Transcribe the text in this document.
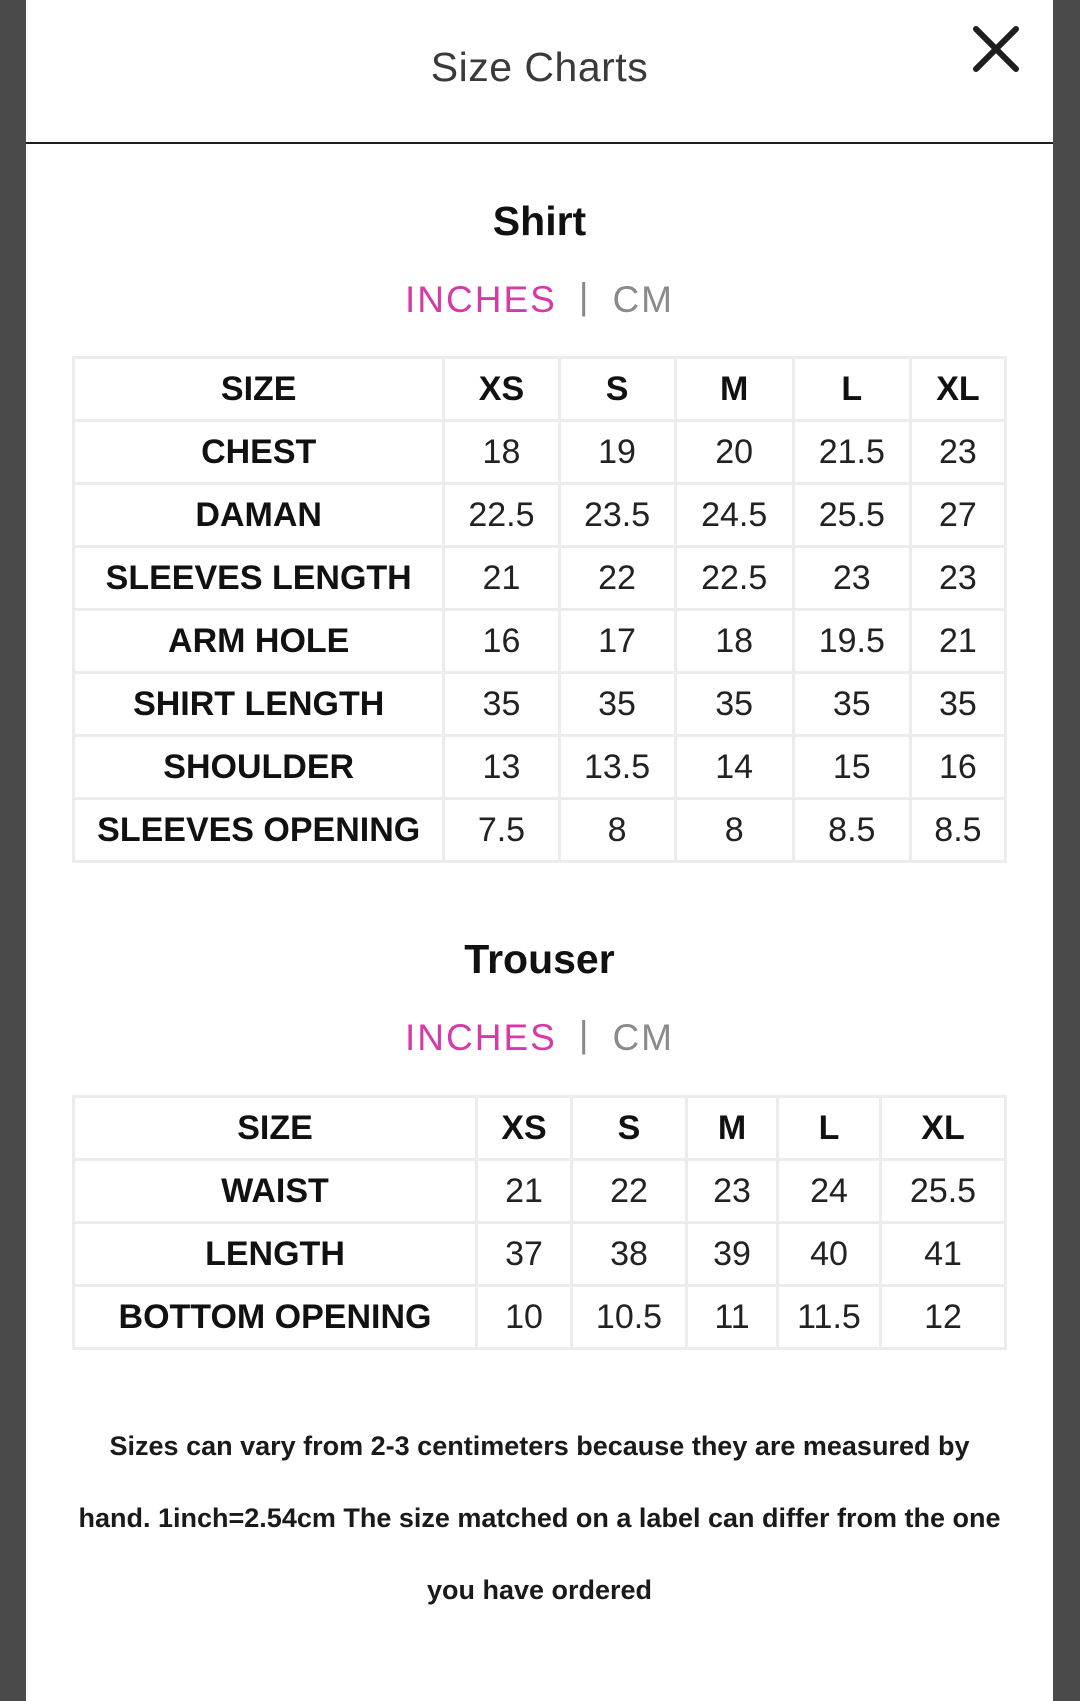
Size Charts
Shirt
INCHES | CM
SIZE	XS	S	M	L	XL
CHEST	18	19	20	21.5	23
DAMAN	22.5	23.5	24.5	25.5	27
SLEEVES LENGTH	21	22	22.5	23	23
ARM HOLE	16	17	18	19.5	21
SHIRT LENGTH	35	35	35	35	35
SHOULDER	13	13.5	14	15	16
SLEEVES OPENING	7.5	8	8	8.5	8.5
Trouser
INCHES | CM
SIZE	XS	S	M	L	XL
WAIST	21	22	23	24	25.5
LENGTH	37	38	39	40	41
BOTTOM OPENING	10	10.5	11	11.5	12
Sizes can vary from 2-3 centimeters because they are measured by hand. 1inch=2.54cm The size matched on a label can differ from the one you have ordered
